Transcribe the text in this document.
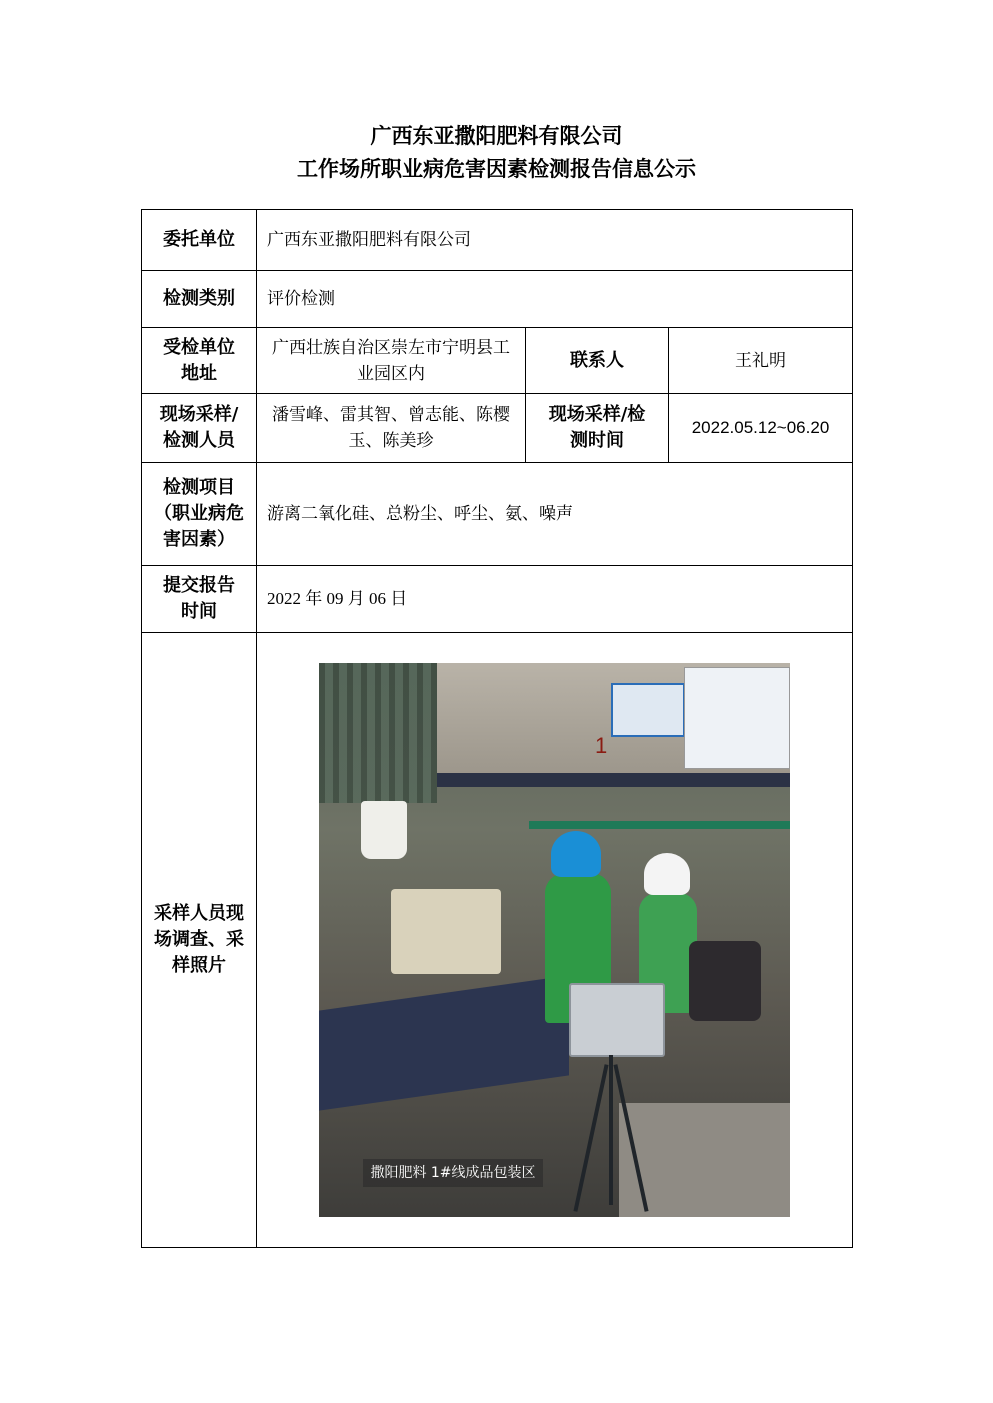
广西东亚撒阳肥料有限公司
工作场所职业病危害因素检测报告信息公示
委托单位	广西东亚撒阳肥料有限公司		
检测类别	评价检测		
受检单位地址	广西壮族自治区崇左市宁明县工业园区内	联系人	王礼明
现场采样/检测人员	潘雪峰、雷其智、曾志能、陈樱玉、陈美珍	现场采样/检测时间	2022.05.12~06.20
检测项目（职业病危害因素）	游离二氧化硅、总粉尘、呼尘、氨、噪声		
提交报告时间	2022 年 09 月 06 日		
采样人员现场调查、采样照片	1
撒阳肥料 1#线成品包装区		
